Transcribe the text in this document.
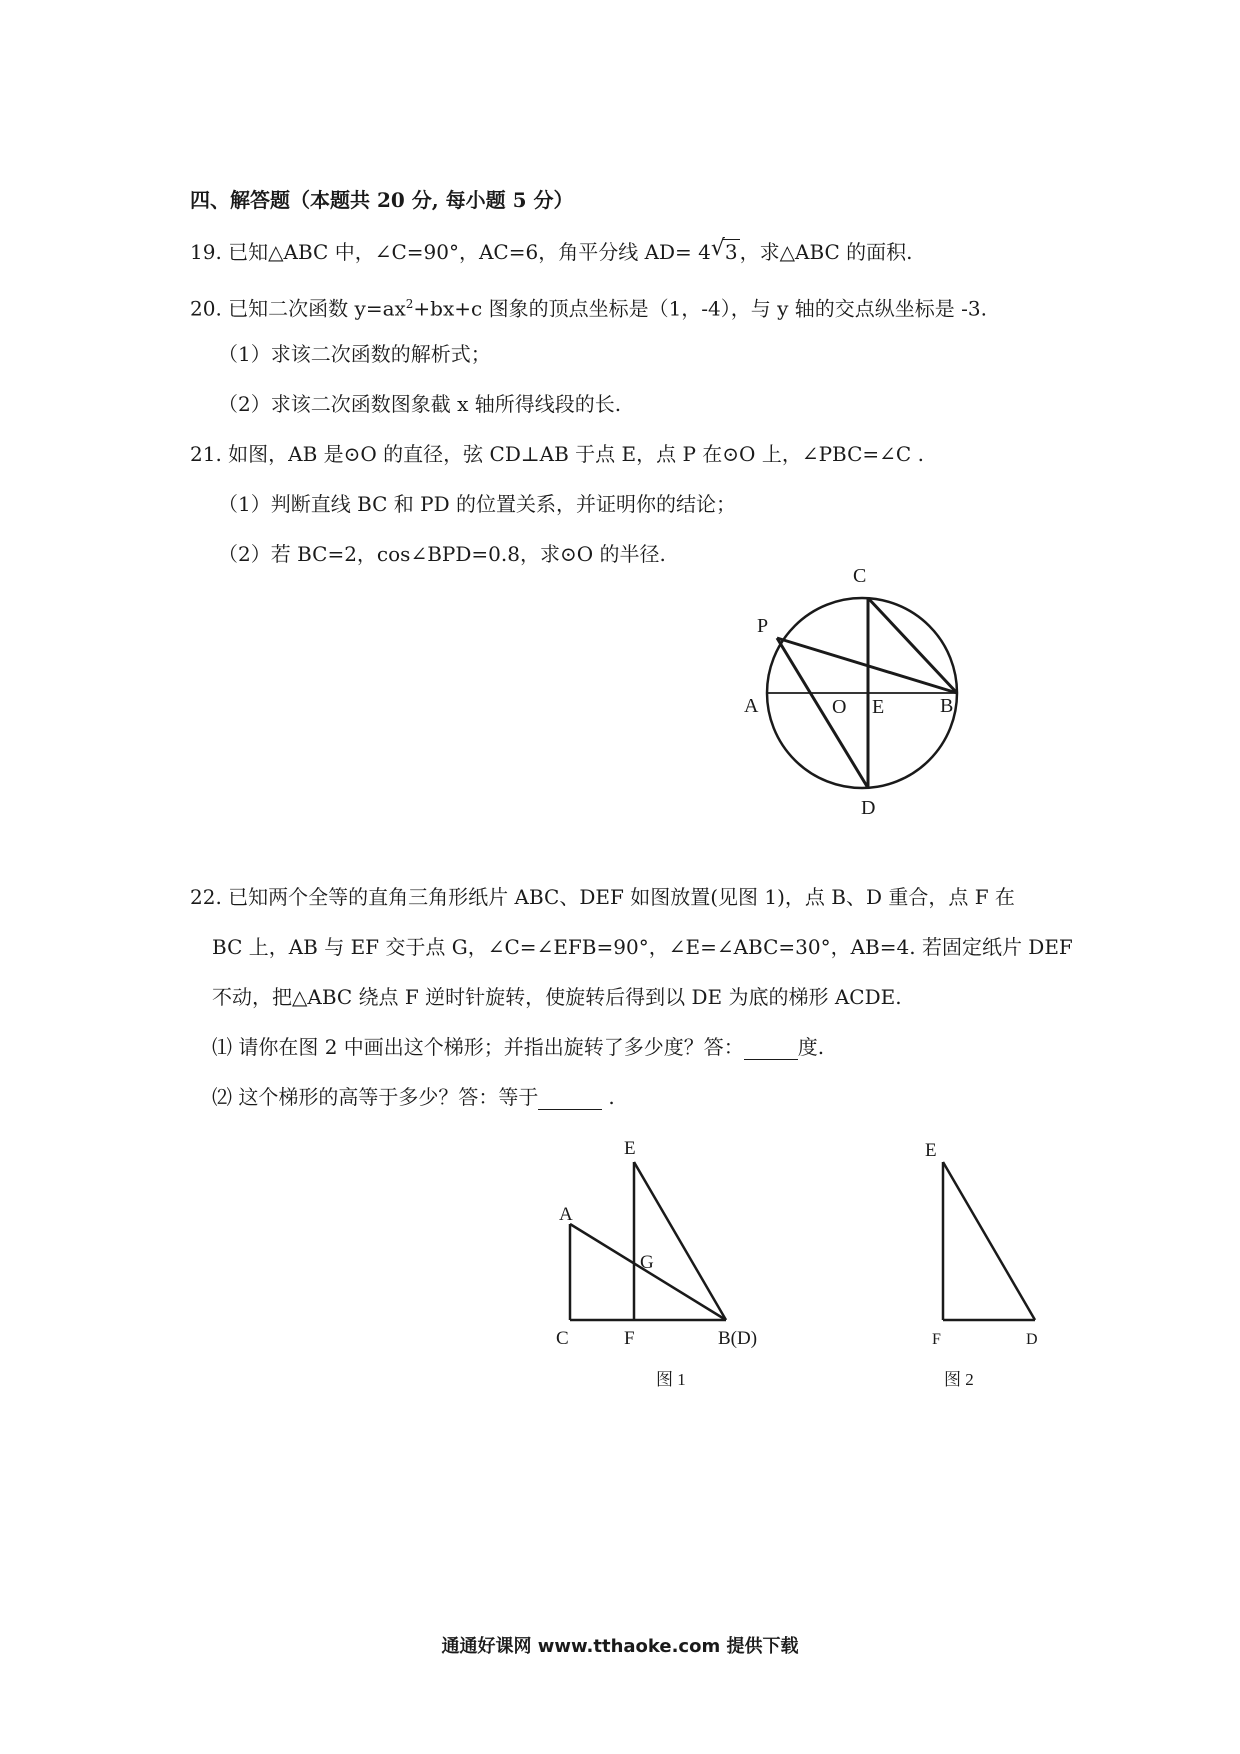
四、解答题（本题共 20 分, 每小题 5 分）
19. 已知△ABC 中，∠C=90°，AC=6，角平分线 AD= 4 √ 3 ，求△ABC 的面积.
20. 已知二次函数 $y=ax^2+bx+c$ 图象的顶点坐标是（1，-4），与 y 轴的交点纵坐标是 -3.
（1）求该二次函数的解析式；
（2）求该二次函数图象截 x 轴所得线段的长.
21. 如图，AB 是⊙O 的直径，弦 CD⊥AB 于点 E，点 P 在⊙O 上，∠PBC=∠C .
（1）判断直线 BC 和 PD 的位置关系，并证明你的结论；
（2）若 BC=2，cos∠BPD=0.8，求⊙O 的半径.
C
P
A	O E	B
D
22. 已知两个全等的直角三角形纸片 ABC、DEF 如图放置(见图 1)，点 B、D 重合，点 F 在
BC 上，AB 与 EF 交于点 G，∠C=∠EFB=90°，∠E=∠ABC=30°，AB=4. 若固定纸片 DEF
不动，把△ABC 绕点 F 逆时针旋转，使旋转后得到以 DE 为底的梯形 ACDE.
⑴ 请你在图 2 中画出这个梯形；并指出旋转了多少度？答：	度.
⑵ 这个梯形的高等于多少？答：等于	.
E
A
G
C	F	B(D)
图 1
E
F	D
图 2
通通好课网 www.tthaoke.com 提供下载
